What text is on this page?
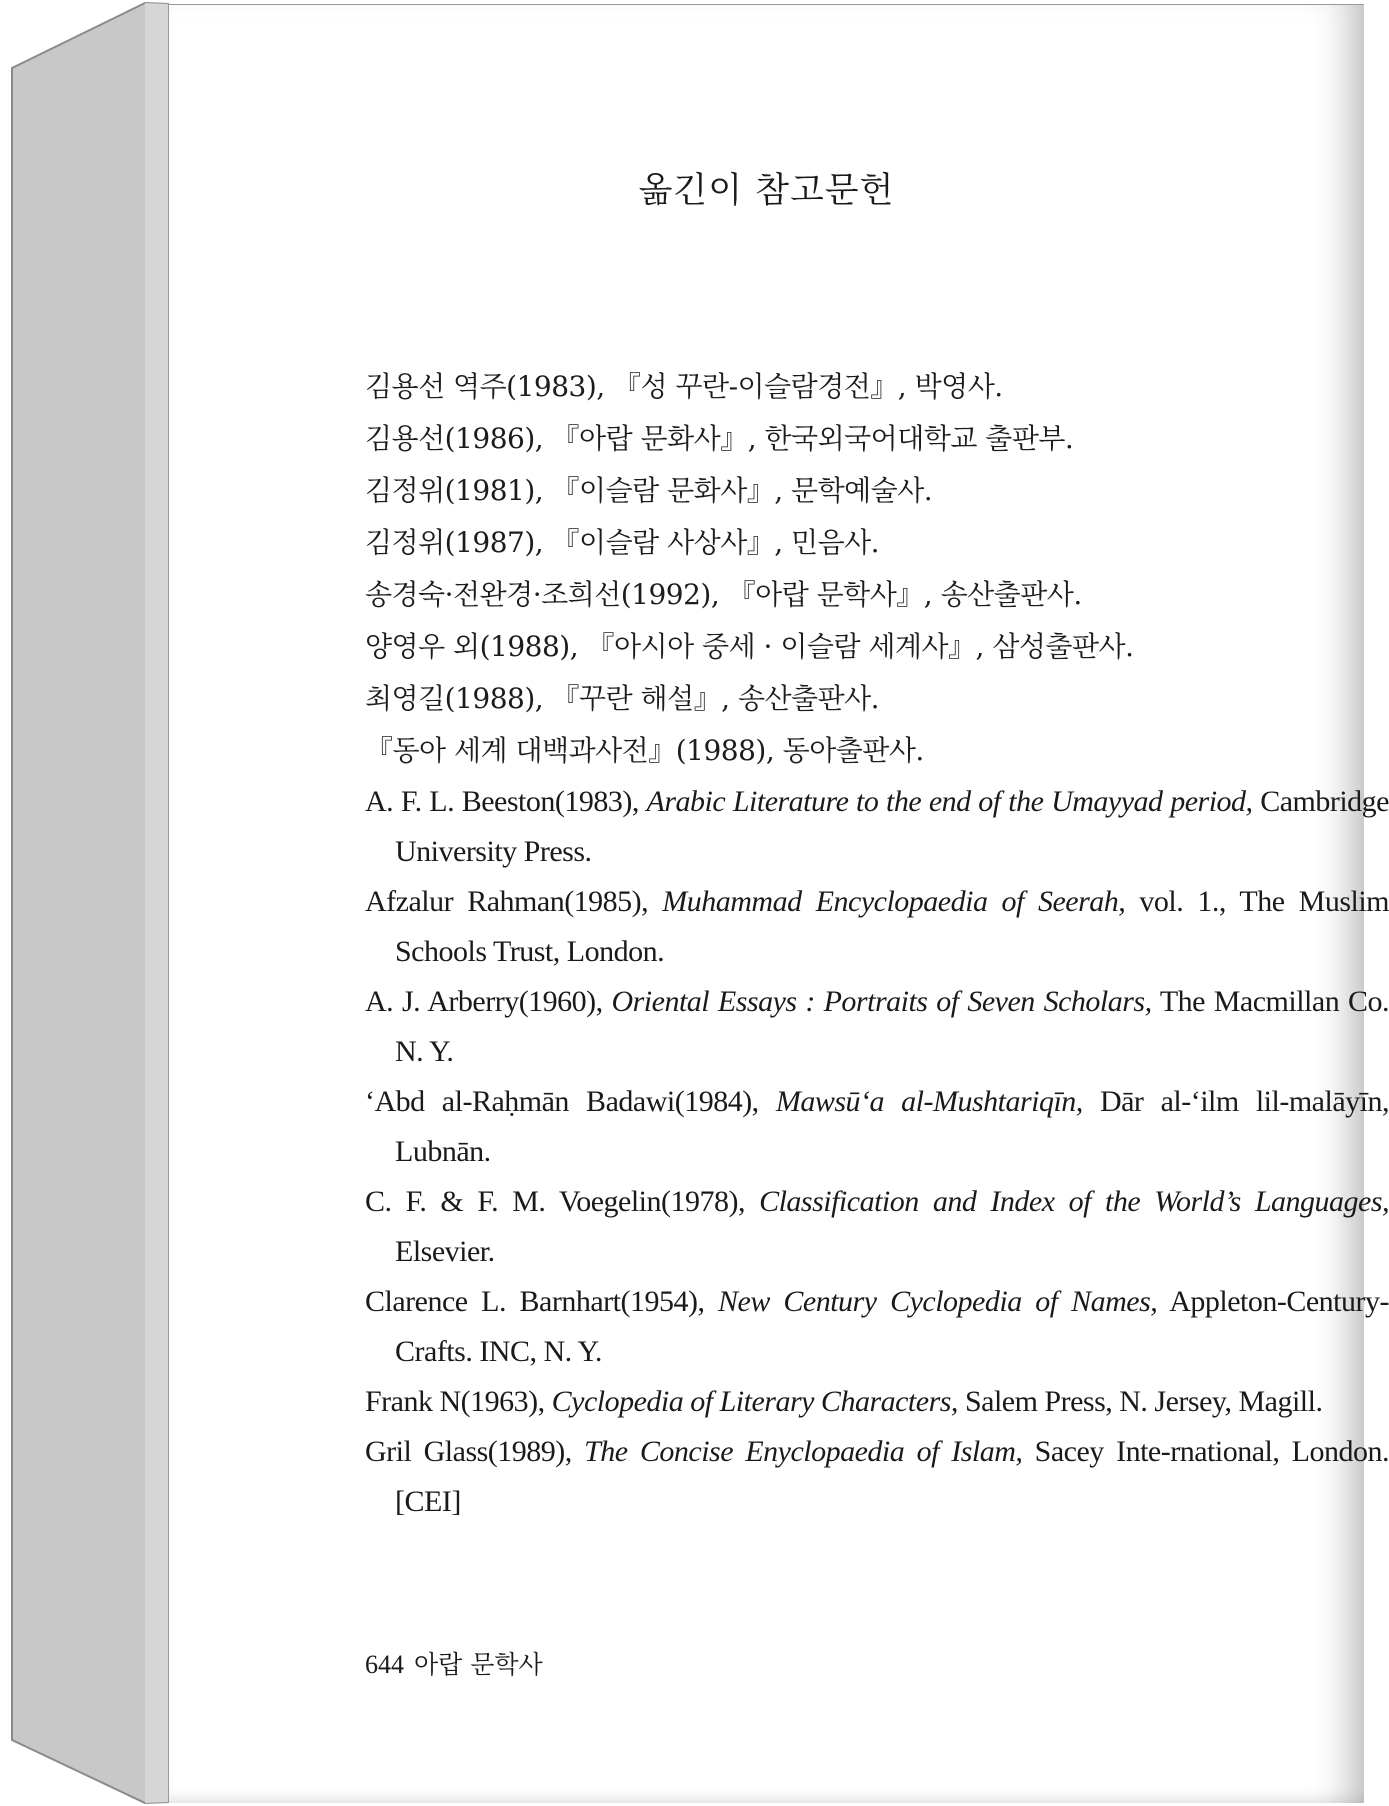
옮긴이 참고문헌
김용선 역주(1983), 『성 꾸란-이슬람경전』, 박영사.
김용선(1986), 『아랍 문화사』, 한국외국어대학교 출판부.
김정위(1981), 『이슬람 문화사』, 문학예술사.
김정위(1987), 『이슬람 사상사』, 민음사.
송경숙·전완경·조희선(1992), 『아랍 문학사』, 송산출판사.
양영우 외(1988), 『아시아 중세 · 이슬람 세계사』, 삼성출판사.
최영길(1988), 『꾸란 해설』, 송산출판사.
『동아 세계 대백과사전』(1988), 동아출판사.
A. F. L. Beeston(1983), Arabic Literature to the end of the Umayyad period, Cambridge University Press.
Afzalur Rahman(1985), Muhammad Encyclopaedia of Seerah, vol. 1., The Muslim Schools Trust, London.
A. J. Arberry(1960), Oriental Essays : Portraits of Seven Scholars, The Macmillan Co. N. Y.
‘Abd al-Raḥmān Badawi(1984), Mawsū‘a al-Mushtariqīn, Dār al-‘ilm lil-malāyīn, Lubnān.
C. F. & F. M. Voegelin(1978), Classification and Index of the World’s Languages, Elsevier.
Clarence L. Barnhart(1954), New Century Cyclopedia of Names, Appleton-Century-Crafts. INC, N. Y.
Frank N(1963), Cyclopedia of Literary Characters, Salem Press, N. Jersey, Magill.
Gril Glass(1989), The Concise Enyclopaedia of Islam, Sacey Inte-rnational, London. [CEI]
644 아랍 문학사
